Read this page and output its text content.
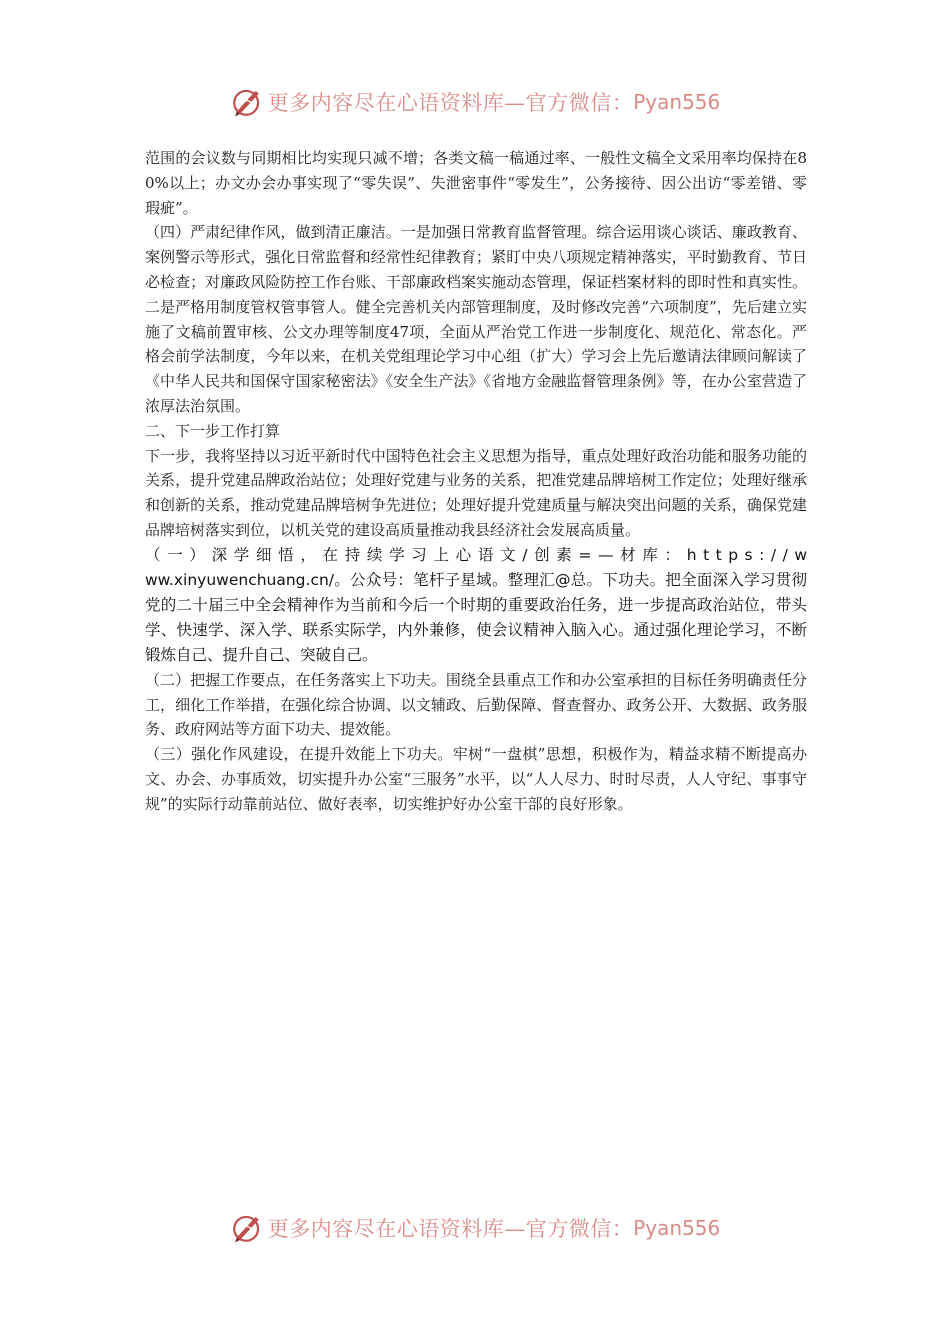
更多内容尽在心语资料库—官方微信： Pyan556

范围的会议数与同期相比均实现只减不增；各类文稿一稿通过率、一般性文稿全文采用率均保持在80%以上；办文办会办事实现了“零失误”、失泄密事件“零发生”，公务接待、因公出访“零差错、零瑕疵”。

（四）严肃纪律作风，做到清正廉洁。一是加强日常教育监督管理。综合运用谈心谈话、廉政教育、案例警示等形式，强化日常监督和经常性纪律教育；紧盯中央八项规定精神落实，平时勤教育、节日必检查；对廉政风险防控工作台账、干部廉政档案实施动态管理，保证档案材料的即时性和真实性。二是严格用制度管权管事管人。健全完善机关内部管理制度，及时修改完善“六项制度”，先后建立实施了文稿前置审核、公文办理等制度47项，全面从严治党工作进一步制度化、规范化、常态化。严格会前学法制度，今年以来，在机关党组理论学习中心组（扩大）学习会上先后邀请法律顾问解读了《中华人民共和国保守国家秘密法》《安全生产法》《省地方金融监督管理条例》等，在办公室营造了浓厚法治氛围。

二、下一步工作打算

下一步，我将坚持以习近平新时代中国特色社会主义思想为指导，重点处理好政治功能和服务功能的关系，提升党建品牌政治站位；处理好党建与业务的关系，把准党建品牌培树工作定位；处理好继承和创新的关系，推动党建品牌培树争先进位；处理好提升党建质量与解决突出问题的关系，确保党建品牌培树落实到位，以机关党的建设高质量推动我县经济社会发展高质量。

（一）深学细悟，在持续学习上心语文/创素=—材库：https://www.xinyuwenchuang.cn/。公众号：笔杆子星域。整理汇@总。下功夫。把全面深入学习贯彻党的二十届三中全会精神作为当前和今后一个时期的重要政治任务，进一步提高政治站位，带头学、快速学、深入学、联系实际学，内外兼修，使会议精神入脑入心。通过强化理论学习，不断锻炼自己、提升自己、突破自己。

（二）把握工作要点，在任务落实上下功夫。围绕全县重点工作和办公室承担的目标任务明确责任分工，细化工作举措，在强化综合协调、以文辅政、后勤保障、督查督办、政务公开、大数据、政务服务、政府网站等方面下功夫、提效能。

（三）强化作风建设，在提升效能上下功夫。牢树“一盘棋”思想，积极作为，精益求精不断提高办文、办会、办事质效，切实提升办公室“三服务”水平，以“人人尽力、时时尽责，人人守纪、事事守规”的实际行动靠前站位、做好表率，切实维护好办公室干部的良好形象。

更多内容尽在心语资料库—官方微信： Pyan556
